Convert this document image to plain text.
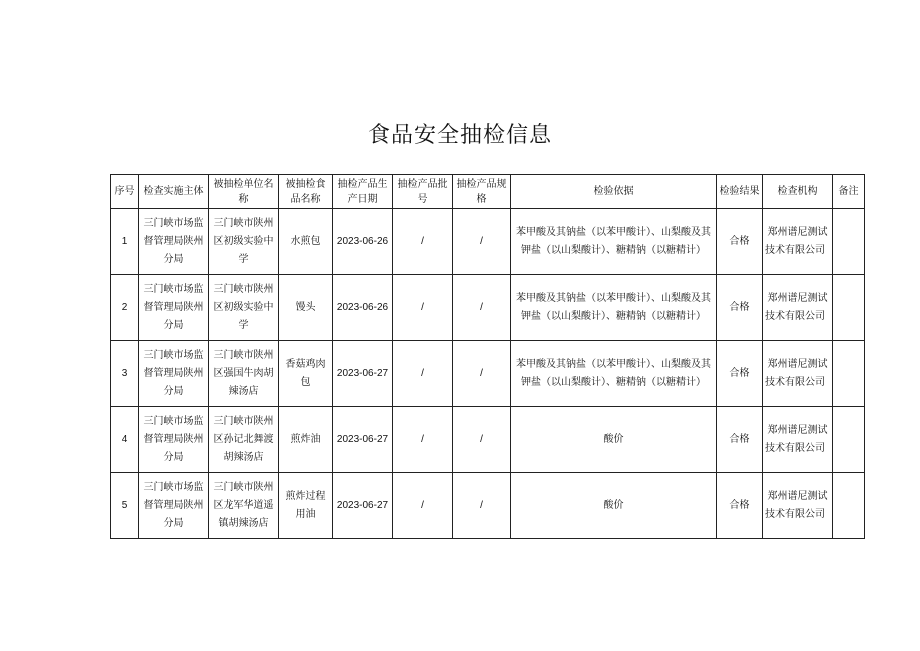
食品安全抽检信息
序号	检查实施主体	被抽检单位名称	被抽检食品名称	抽检产品生产日期	抽检产品批号	抽检产品规格	检验依据	检验结果	检查机构	备注
1	三门峡市场监督管理局陕州分局	三门峡市陕州区初级实验中学	水煎包	2023-06-26	/	/	苯甲酸及其钠盐（以苯甲酸计）、山梨酸及其钾盐（以山梨酸计）、糖精钠（以糖精计）	合格	郑州谱尼测试技术有限公司	
2	三门峡市场监督管理局陕州分局	三门峡市陕州区初级实验中学	馒头	2023-06-26	/	/	苯甲酸及其钠盐（以苯甲酸计）、山梨酸及其钾盐（以山梨酸计）、糖精钠（以糖精计）	合格	郑州谱尼测试技术有限公司	
3	三门峡市场监督管理局陕州分局	三门峡市陕州区强国牛肉胡辣汤店	香菇鸡肉包	2023-06-27	/	/	苯甲酸及其钠盐（以苯甲酸计）、山梨酸及其钾盐（以山梨酸计）、糖精钠（以糖精计）	合格	郑州谱尼测试技术有限公司	
4	三门峡市场监督管理局陕州分局	三门峡市陕州区孙记北舞渡胡辣汤店	煎炸油	2023-06-27	/	/	酸价	合格	郑州谱尼测试技术有限公司	
5	三门峡市场监督管理局陕州分局	三门峡市陕州区龙军华道遥镇胡辣汤店	煎炸过程用油	2023-06-27	/	/	酸价	合格	郑州谱尼测试技术有限公司	
